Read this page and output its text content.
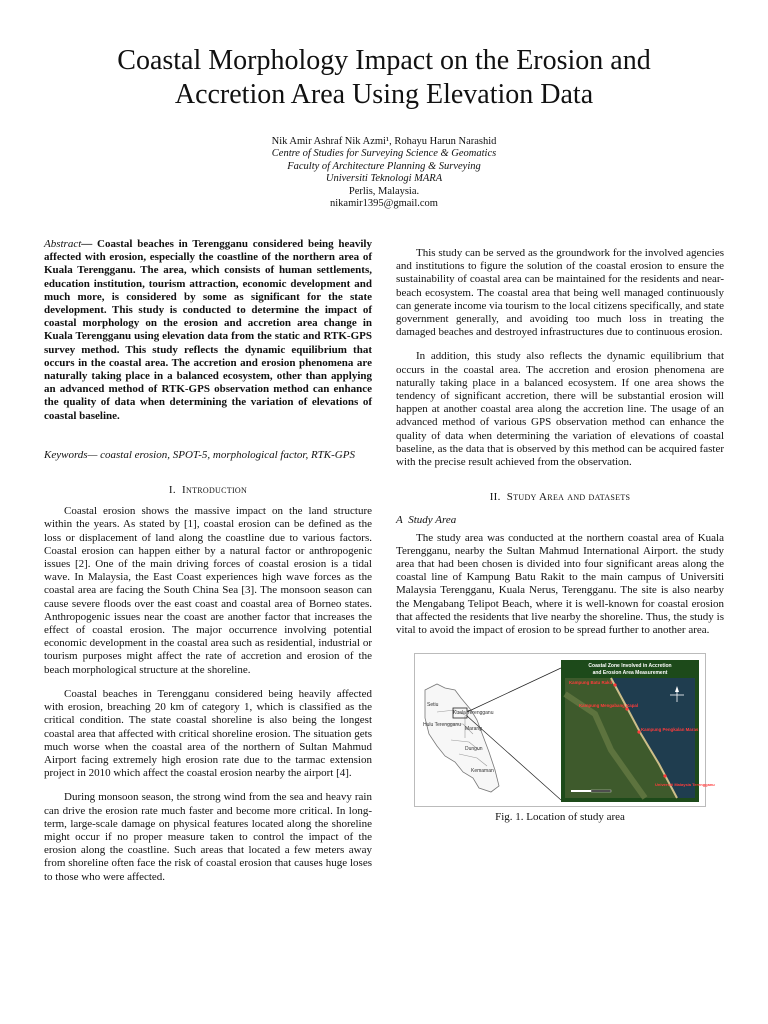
Coastal Morphology Impact on the Erosion and
Accretion Area Using Elevation Data
Nik Amir Ashraf Nik Azmi¹, Rohayu Harun Narashid
Centre of Studies for Surveying Science & Geomatics
Faculty of Architecture Planning & Surveying
Universiti Teknologi MARA
Perlis, Malaysia.
nikamir1395@gmail.com

Abstract— Coastal beaches in Terengganu considered being heavily affected with erosion, especially the coastline of the northern area of Kuala Terengganu. The area, which consists of human settlements, education institution, tourism attraction, economic development and much more, is considered by some as significant for the state development. This study is conducted to determine the impact of coastal morphology on the erosion and accretion area change in Kuala Terengganu using elevation data from the static and RTK-GPS survey method. This study reflects the dynamic equilibrium that occurs in the coastal area. The accretion and erosion phenomena are naturally taking place in a balanced ecosystem, other than applying an advanced method of RTK-GPS observation method can enhance the quality of data when determining the variation of elevations of coastal baseline.

Keywords— coastal erosion, SPOT-5, morphological factor, RTK-GPS

I. Introduction

Coastal erosion shows the massive impact on the land structure within the years. As stated by [1], coastal erosion can be defined as the loss or displacement of land along the coastline due to various factors. Coastal erosion can happen either by a natural factor or anthropogenic issues [2]. One of the main driving forces of coastal erosion is a tidal wave. In Malaysia, the East Coast experiences high wave forces as the coastal area are facing the South China Sea [3]. The monsoon season can cause severe floods over the east coast and coastal area of Borneo states. Anthropogenic issues near the coast are another factor that increases the effect of coastal erosion. The major occurrence involving potential economic development in the coastal area such as residential, industrial or tourism purposes might affect the rate of accretion and erosion of the beach morphological structure at the shoreline.

Coastal beaches in Terengganu considered being heavily affected with erosion, breaching 20 km of category 1, which is classified as the critical condition. The state coastal shoreline is also being the longest coastal area that affected with critical shoreline erosion. The situation gets much worse when the coastal area of the northern of Sultan Mahmud Airport facing extremely high erosion rate due to the tarmac extension project in 2010 which affect the coastal erosion nearby the airport [4].

During monsoon season, the strong wind from the sea and heavy rain can drive the erosion rate much faster and become more critical. In long-term, large-scale damage on physical features located along the shoreline might occur if no proper measure taken to control the impact of the erosion along the coastline. Such areas that located a few meters away from shoreline often face the risk of coastal erosion that causes huge loses to those who were affected.

This study can be served as the groundwork for the involved agencies and institutions to figure the solution of the coastal erosion to ensure the sustainability of coastal area can be maintained for the residents and near-beach ecosystem. The coastal area that being well managed continuously can generate income via tourism to the local citizens specifically, and state government generally, and avoiding too much loss in treating the damaged beaches and destroyed infrastructures due to continuous erosion.

In addition, this study also reflects the dynamic equilibrium that occurs in the coastal area. The accretion and erosion phenomena are naturally taking place in a balanced ecosystem. If one area shows the tendency of significant accretion, there will be substantial erosion will happen at another coastal area along the accretion line. The usage of an advanced method of various GPS observation method can enhance the quality of data when determining the variation of elevations of coastal baseline, as the data that is observed by this method can be acquired faster with the precise result achieved from the observation.

II. Study Area and datasets
A Study Area

The study area was conducted at the northern coastal area of Kuala Terengganu, nearby the Sultan Mahmud International Airport. the study area that had been chosen is divided into four significant areas along the coastal line of Kampung Batu Rakit to the main campus of Universiti Malaysia Terengganu, Kuala Nerus, Terengganu. The site is also nearby the Mengabang Telipot Beach, where it is well-known for coastal erosion that affected the residents that live nearby the shoreline. Thus, the study is vital to avoid the impact of erosion to be spread further to another area.

Setiu
Kuala Terengganu
Hulu Terengganu
Marang
Dungun
Kemaman
Coastal Zone Involved in Accretion
and Erosion Area Measurement
Kampung Batu Rakit
Kampung Mengabang Kapal
Kampung Pengkalan Maras
Universiti Malaysia Terengganu
Fig. 1. Location of study area
